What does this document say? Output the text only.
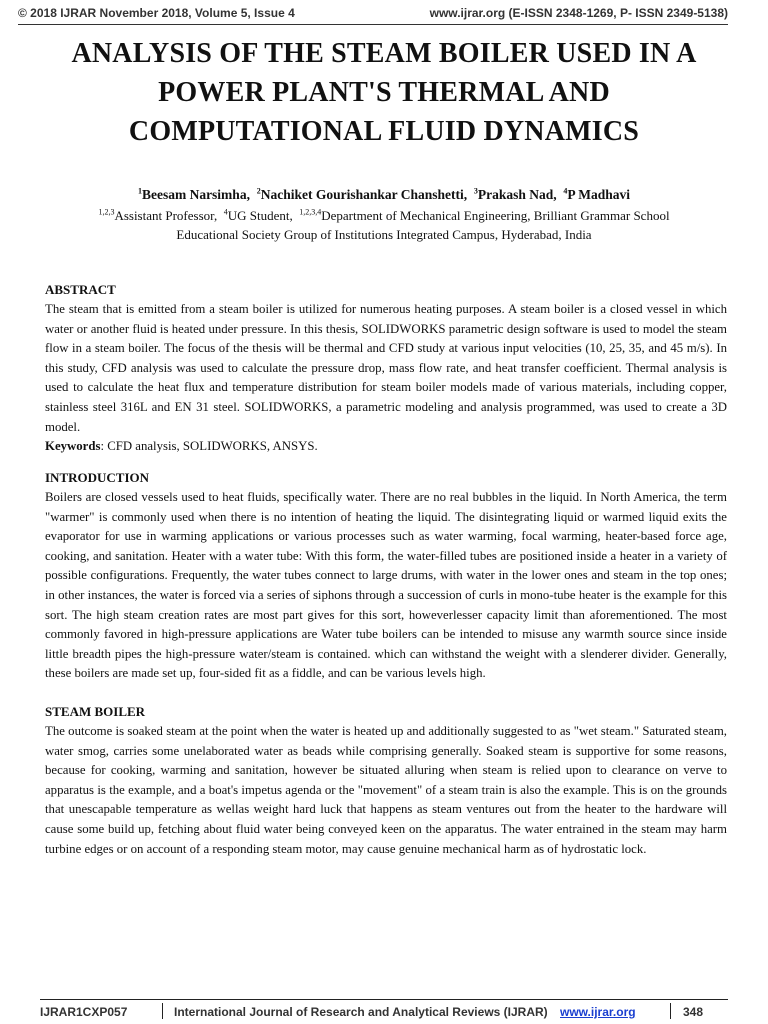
© 2018 IJRAR November 2018, Volume 5, Issue 4	www.ijrar.org (E-ISSN 2348-1269, P- ISSN 2349-5138)
ANALYSIS OF THE STEAM BOILER USED IN A
POWER PLANT'S THERMAL AND
COMPUTATIONAL FLUID DYNAMICS
$^1$Beesam Narsimha, $^2$Nachiket Gourishankar Chanshetti, $^3$Prakash Nad, $^4$P Madhavi
$^{1,2,3}$Assistant Professor, $^4$UG Student, $^{1,2,3,4}$Department of Mechanical Engineering, Brilliant Grammar School
Educational Society Group of Institutions Integrated Campus, Hyderabad, India
ABSTRACT
The steam that is emitted from a steam boiler is utilized for numerous heating purposes. A steam boiler is a closed vessel in which water or another fluid is heated under pressure. In this thesis, SOLIDWORKS parametric design software is used to model the steam flow in a steam boiler. The focus of the thesis will be thermal and CFD study at various input velocities (10, 25, 35, and 45 m/s). In this study, CFD analysis was used to calculate the pressure drop, mass flow rate, and heat transfer coefficient. Thermal analysis is used to calculate the heat flux and temperature distribution for steam boiler models made of various materials, including copper, stainless steel 316L and EN 31 steel. SOLIDWORKS, a parametric modeling and analysis programmed, was used to create a 3D model.
Keywords: CFD analysis, SOLIDWORKS, ANSYS.
INTRODUCTION
Boilers are closed vessels used to heat fluids, specifically water. There are no real bubbles in the liquid. In North America, the term "warmer" is commonly used when there is no intention of heating the liquid. The disintegrating liquid or warmed liquid exits the evaporator for use in warming applications or various processes such as water warming, focal warming, heater-based force age, cooking, and sanitation. Heater with a water tube: With this form, the water-filled tubes are positioned inside a heater in a variety of possible configurations. Frequently, the water tubes connect to large drums, with water in the lower ones and steam in the top ones; in other instances, the water is forced via a series of siphons through a succession of curls in mono-tube heater is the example for this sort. The high steam creation rates are most part gives for this sort, howeverlesser capacity limit than aforementioned. The most commonly favored in high-pressure applications are Water tube boilers can be intended to misuse any warmth source since inside little breadth pipes the high-pressure water/steam is contained. which can withstand the weight with a slenderer divider. Generally, these boilers are made set up, four-sided fit as a fiddle, and can be various levels high.
STEAM BOILER
The outcome is soaked steam at the point when the water is heated up and additionally suggested to as "wet steam." Saturated steam, water smog, carries some unelaborated water as beads while comprising generally. Soaked steam is supportive for some reasons, because for cooking, warming and sanitation, however be situated alluring when steam is relied upon to clearance on verve to apparatus is the example, and a boat's impetus agenda or the "movement" of a steam train is also the example. This is on the grounds that unescapable temperature as wellas weight hard luck that happens as steam ventures out from the heater to the hardware will cause some build up, fetching about fluid water being conveyed keen on the apparatus. The water entrained in the steam may harm turbine edges or on account of a responding steam motor, may cause genuine mechanical harm as of hydrostatic lock.
IJRAR1CXP057	International Journal of Research and Analytical Reviews (IJRAR) www.ijrar.org	348
